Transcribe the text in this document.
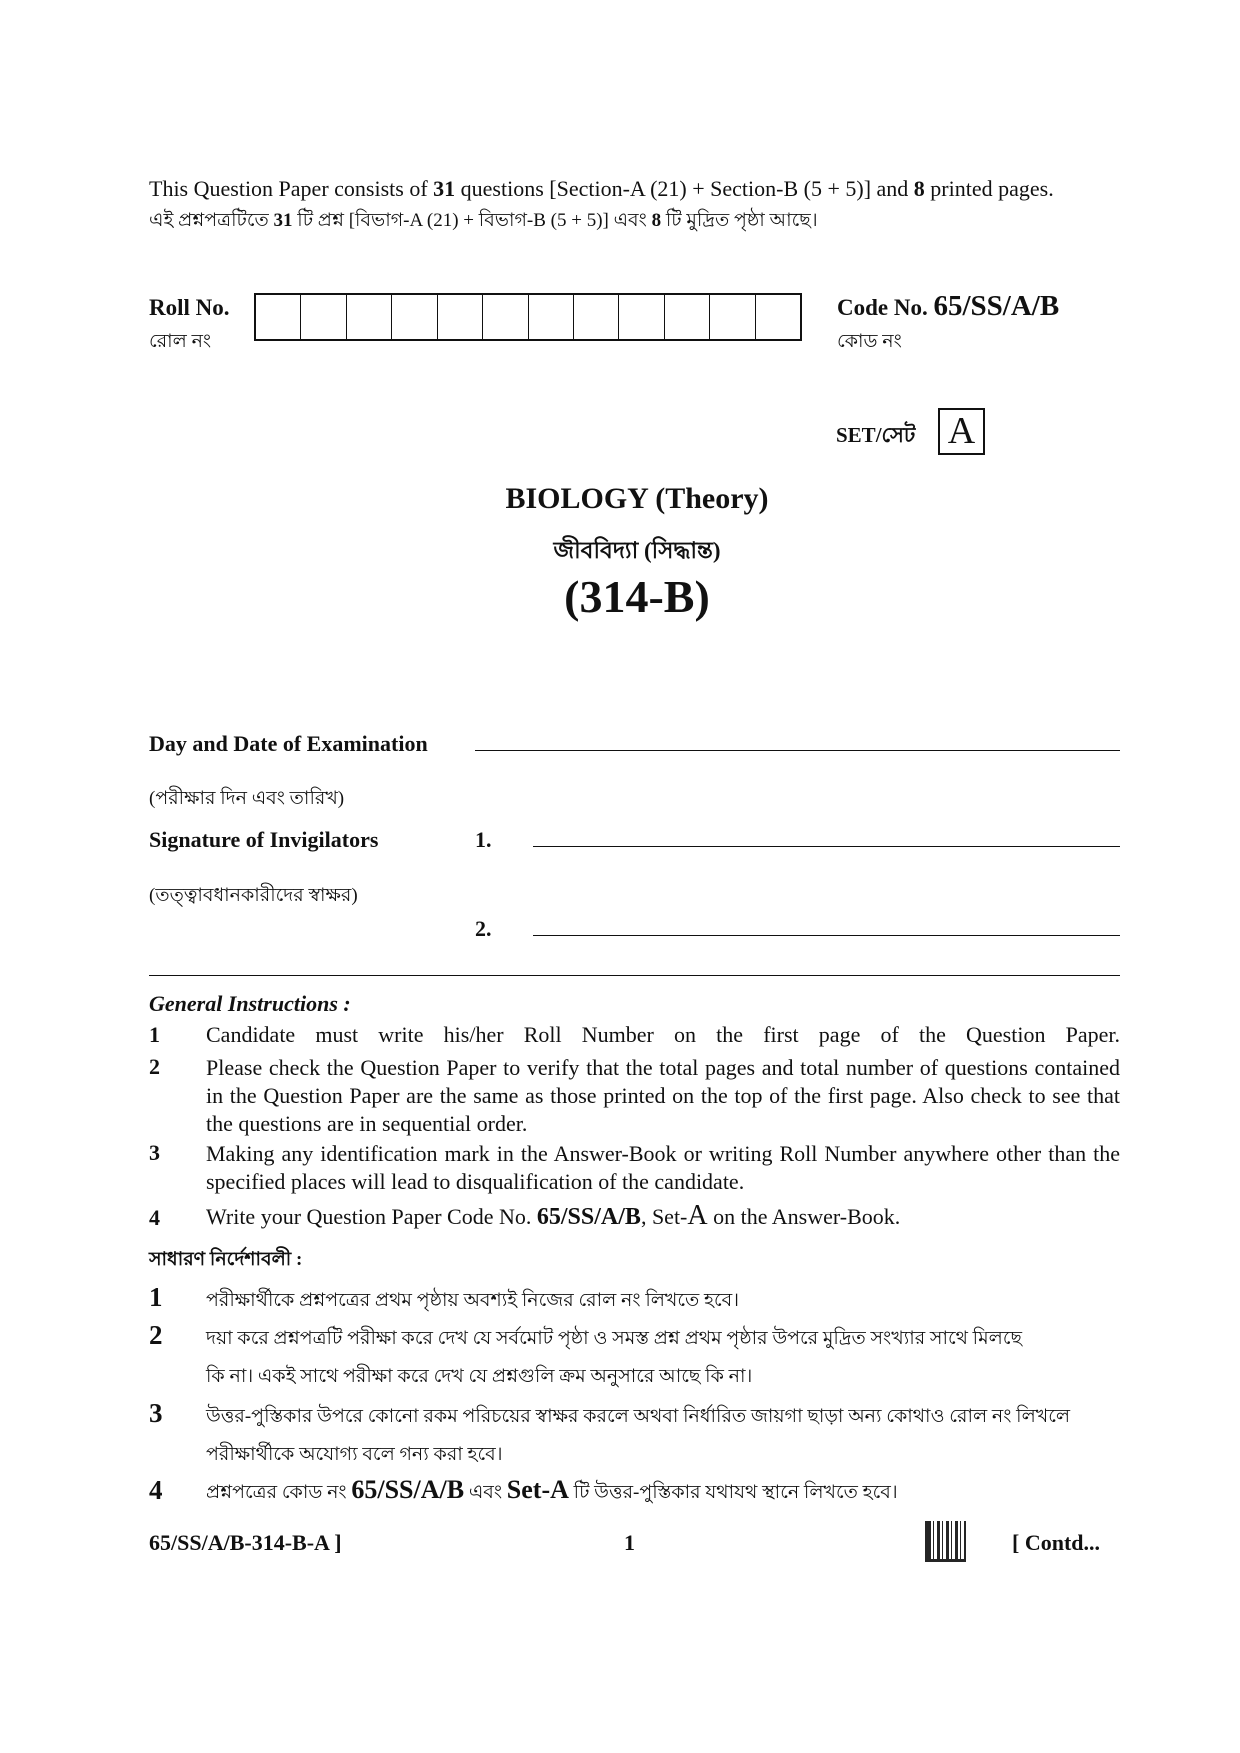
This Question Paper consists of 31 questions [Section-A (21) + Section-B (5 + 5)] and 8 printed pages.
এই প্রশ্নপত্রটিতে 31 টি প্রশ্ন [বিভাগ-A (21) + বিভাগ-B (5 + 5)] এবং 8 টি মুদ্রিত পৃষ্ঠা আছে।
Roll No.
রোল নং
Code No. 65/SS/A/B
কোড নং
SET/সেট A
BIOLOGY (Theory)
জীববিদ্যা (সিদ্ধান্ত)
(314-B)
Day and Date of Examination
(পরীক্ষার দিন এবং তারিখ)
Signature of Invigilators	1.
(তত্ত্বাবধানকারীদের স্বাক্ষর)
2.
General Instructions :
1	Candidate must write his/her Roll Number on the first page of the Question Paper.
2	Please check the Question Paper to verify that the total pages and total number of questions contained in the Question Paper are the same as those printed on the top of the first page. Also check to see that the questions are in sequential order.
3	Making any identification mark in the Answer-Book or writing Roll Number anywhere other than the specified places will lead to disqualification of the candidate.
4	Write your Question Paper Code No. 65/SS/A/B, Set-A on the Answer-Book.
সাধারণ নির্দেশাবলী :
1	পরীক্ষার্থীকে প্রশ্নপত্রের প্রথম পৃষ্ঠায় অবশ্যই নিজের রোল নং লিখতে হবে।
2	দয়া করে প্রশ্নপত্রটি পরীক্ষা করে দেখ যে সর্বমোট পৃষ্ঠা ও সমস্ত প্রশ্ন প্রথম পৃষ্ঠার উপরে মুদ্রিত সংখ্যার সাথে মিলছে
কি না। একই সাথে পরীক্ষা করে দেখ যে প্রশ্নগুলি ক্রম অনুসারে আছে কি না।
3	উত্তর-পুস্তিকার উপরে কোনো রকম পরিচয়ের স্বাক্ষর করলে অথবা নির্ধারিত জায়গা ছাড়া অন্য কোথাও রোল নং লিখলে
পরীক্ষার্থীকে অযোগ্য বলে গন্য করা হবে।
4	প্রশ্নপত্রের কোড নং 65/SS/A/B এবং Set-A টি উত্তর-পুস্তিকার যথাযথ স্থানে লিখতে হবে।
65/SS/A/B-314-B-A ]	1	[ Contd...
